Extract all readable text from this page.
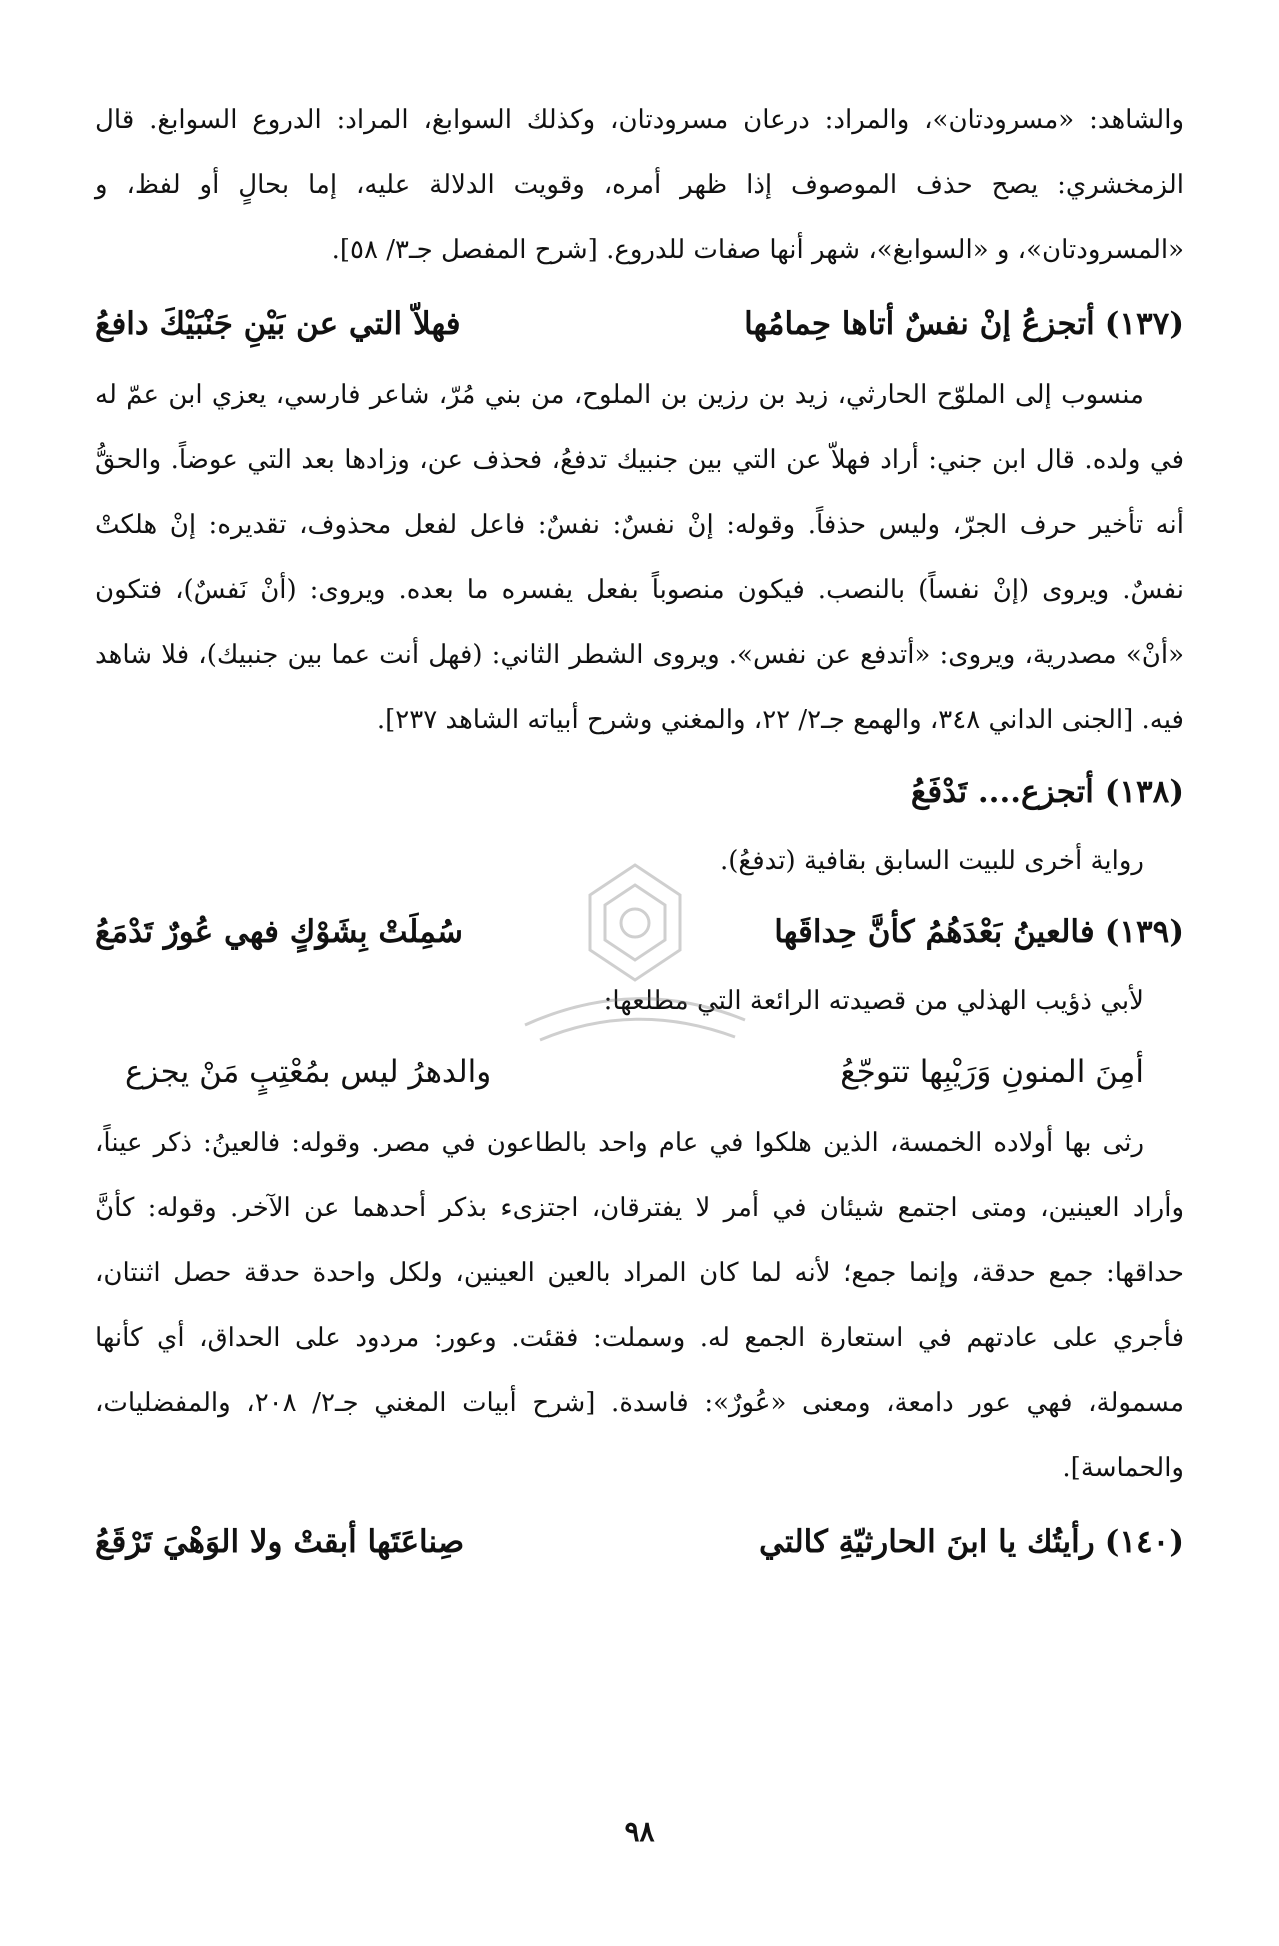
والشاهد: «مسرودتان»، والمراد: درعان مسرودتان، وكذلك السوابغ، المراد: الدروع السوابغ. قال الزمخشري: يصح حذف الموصوف إذا ظهر أمره، وقويت الدلالة عليه، إما بحالٍ أو لفظ، و «المسرودتان»، و «السوابغ»، شهر أنها صفات للدروع. [شرح المفصل جـ٣/ ٥٨].

(١٣٧)
أتجزعُ إنْ نفسٌ أتاها حِمامُها
فهلاّ التي عن بَيْنِ جَنْبَيْكَ دافعُ

منسوب إلى الملوّح الحارثي، زيد بن رزين بن الملوح، من بني مُرّ، شاعر فارسي، يعزي ابن عمّ له في ولده. قال ابن جني: أراد فهلاّ عن التي بين جنبيك تدفعُ، فحذف عن، وزادها بعد التي عوضاً. والحقُّ أنه تأخير حرف الجرّ، وليس حذفاً. وقوله: إنْ نفسٌ: نفسٌ: فاعل لفعل محذوف، تقديره: إنْ هلكتْ نفسٌ. ويروى (إنْ نفساً) بالنصب. فيكون منصوباً بفعل يفسره ما بعده. ويروى: (أنْ نَفسٌ)، فتكون «أنْ» مصدرية، ويروى: «أتدفع عن نفس». ويروى الشطر الثاني: (فهل أنت عما بين جنبيك)، فلا شاهد فيه. [الجنى الداني ٣٤٨، والهمع جـ٢/ ٢٢، والمغني وشرح أبياته الشاهد ٢٣٧].

(١٣٨) أتجزع.... تَدْفَعُ

رواية أخرى للبيت السابق بقافية (تدفعُ).

(١٣٩)
فالعينُ بَعْدَهُمُ كأنَّ حِداقَها
سُمِلَتْ بِشَوْكٍ فهي عُورٌ تَدْمَعُ

لأبي ذؤيب الهذلي من قصيدته الرائعة التي مطلعها:

أمِنَ المنونِ وَرَيْبِها تتوجّعُ
والدهرُ ليس بمُعْتِبٍ مَنْ يجزع

رثى بها أولاده الخمسة، الذين هلكوا في عام واحد بالطاعون في مصر. وقوله: فالعينُ: ذكر عيناً، وأراد العينين، ومتى اجتمع شيئان في أمر لا يفترقان، اجتزىء بذكر أحدهما عن الآخر. وقوله: كأنَّ حداقها: جمع حدقة، وإنما جمع؛ لأنه لما كان المراد بالعين العينين، ولكل واحدة حدقة حصل اثنتان، فأجري على عادتهم في استعارة الجمع له. وسملت: فقئت. وعور: مردود على الحداق، أي كأنها مسمولة، فهي عور دامعة، ومعنى «عُورٌ»: فاسدة. [شرح أبيات المغني جـ٢/ ٢٠٨، والمفضليات، والحماسة].

(١٤٠)
رأيتُك يا ابنَ الحارثيّةِ كالتي
صِناعَتَها أبقتْ ولا الوَهْيَ تَرْقَعُ
٩٨
